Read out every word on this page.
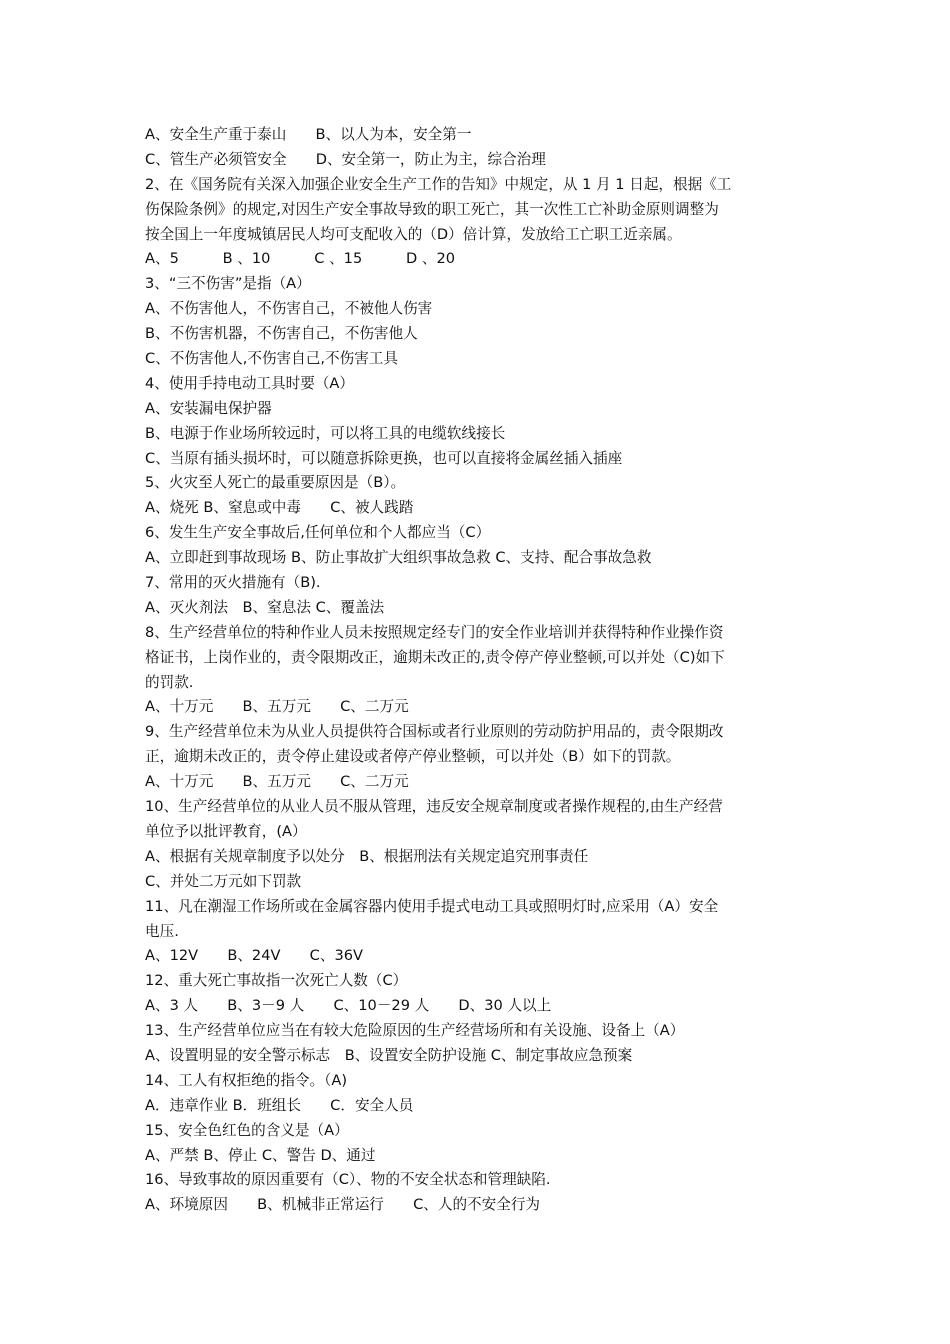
A、安全生产重于泰山　　B、以人为本，安全第一
C、管生产必须管安全　　D、安全第一，防止为主，综合治理
2、在《国务院有关深入加强企业安全生产工作的告知》中规定，从 1 月 1 日起，根据《工
伤保险条例》的规定,对因生产安全事故导致的职工死亡，其一次性工亡补助金原则调整为
按全国上一年度城镇居民人均可支配收入的（D）倍计算，发放给工亡职工近亲属。
A、5　　　B 、10　　　C 、15　　　D 、20
3、“三不伤害”是指（A）
A、不伤害他人，不伤害自己，不被他人伤害
B、不伤害机器，不伤害自己，不伤害他人
C、不伤害他人,不伤害自己,不伤害工具
4、使用手持电动工具时要（A）
A、安装漏电保护器
B、电源于作业场所较远时，可以将工具的电缆软线接长
C、当原有插头损坏时，可以随意拆除更换，也可以直接将金属丝插入插座
5、火灾至人死亡的最重要原因是（B）。
A、烧死 B、窒息或中毒　　C、被人践踏
6、发生生产安全事故后,任何单位和个人都应当（C）
A、立即赶到事故现场 B、防止事故扩大组织事故急救 C、支持、配合事故急救
7、常用的灭火措施有（B).
A、灭火剂法　B、窒息法 C、覆盖法
8、生产经营单位的特种作业人员未按照规定经专门的安全作业培训并获得特种作业操作资
格证书，上岗作业的，责令限期改正，逾期未改正的,责令停产停业整顿,可以并处（C)如下
的罚款.
A、十万元　　B、五万元　　C、二万元
9、生产经营单位未为从业人员提供符合国标或者行业原则的劳动防护用品的，责令限期改
正，逾期未改正的，责令停止建设或者停产停业整顿，可以并处（B）如下的罚款。
A、十万元　　B、五万元　　C、二万元
10、生产经营单位的从业人员不服从管理，违反安全规章制度或者操作规程的,由生产经营
单位予以批评教育，(A）
A、根据有关规章制度予以处分　B、根据刑法有关规定追究刑事责任
C、并处二万元如下罚款
11、凡在潮湿工作场所或在金属容器内使用手提式电动工具或照明灯时,应采用（A）安全
电压.
A、12V　　B、24V　　C、36V
12、重大死亡事故指一次死亡人数（C）
A、3 人　　B、3－9 人　　C、10－29 人　　D、30 人以上
13、生产经营单位应当在有较大危险原因的生产经营场所和有关设施、设备上（A）
A、设置明显的安全警示标志　B、设置安全防护设施 C、制定事故应急预案
14、工人有权拒绝的指令。（A)
A．违章作业 B．班组长　　C．安全人员
15、安全色红色的含义是（A）
A、严禁 B、停止 C、警告 D、通过
16、导致事故的原因重要有（C）、物的不安全状态和管理缺陷.
A、环境原因　　B、机械非正常运行　　C、人的不安全行为
